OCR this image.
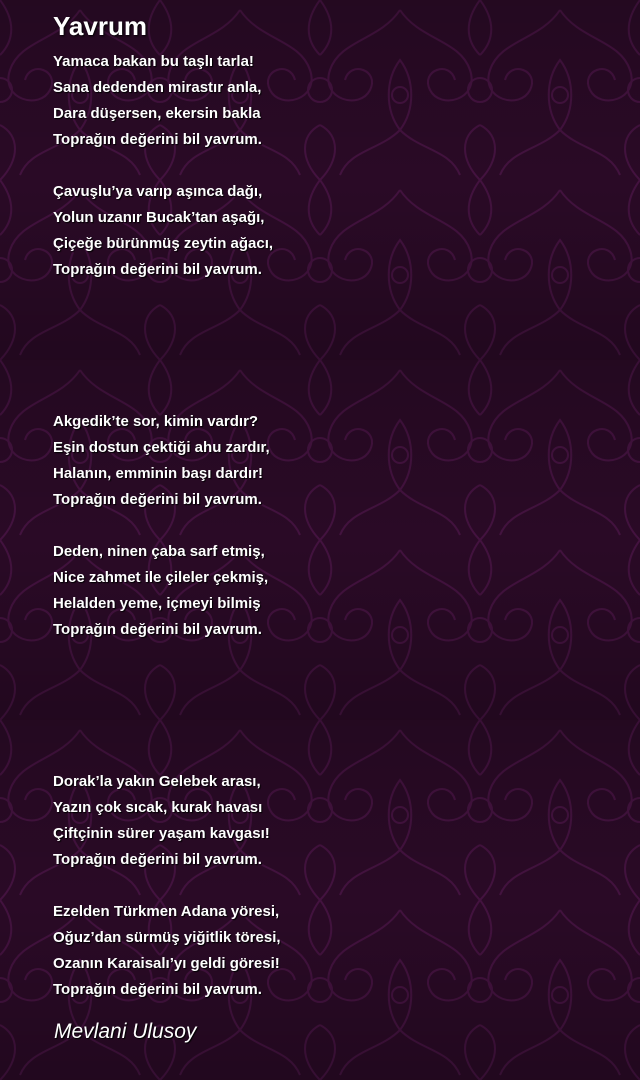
Yavrum
Yamaca bakan bu taşlı tarla!
Sana dedenden mirastır anla,
Dara düşersen, ekersin bakla
Toprağın değerini bil yavrum.
Çavuşlu’ya varıp aşınca dağı,
Yolun uzanır Bucak’tan aşağı,
Çiçeğe bürünmüş zeytin ağacı,
Toprağın değerini bil yavrum.
Akgedik’te sor, kimin vardır?
Eşin dostun çektiği ahu zardır,
Halanın, emminin başı dardır!
Toprağın değerini bil yavrum.
Deden, ninen çaba sarf etmiş,
Nice zahmet ile çileler çekmiş,
Helalden yeme, içmeyi bilmiş
Toprağın değerini bil yavrum.
Dorak’la yakın Gelebek arası,
Yazın çok sıcak, kurak havası
Çiftçinin sürer yaşam kavgası!
Toprağın değerini bil yavrum.
Ezelden Türkmen Adana yöresi,
Oğuz’dan sürmüş yiğitlik töresi,
Ozanın Karaisalı’yı geldi göresi!
Toprağın değerini bil yavrum.
Mevlani Ulusoy
